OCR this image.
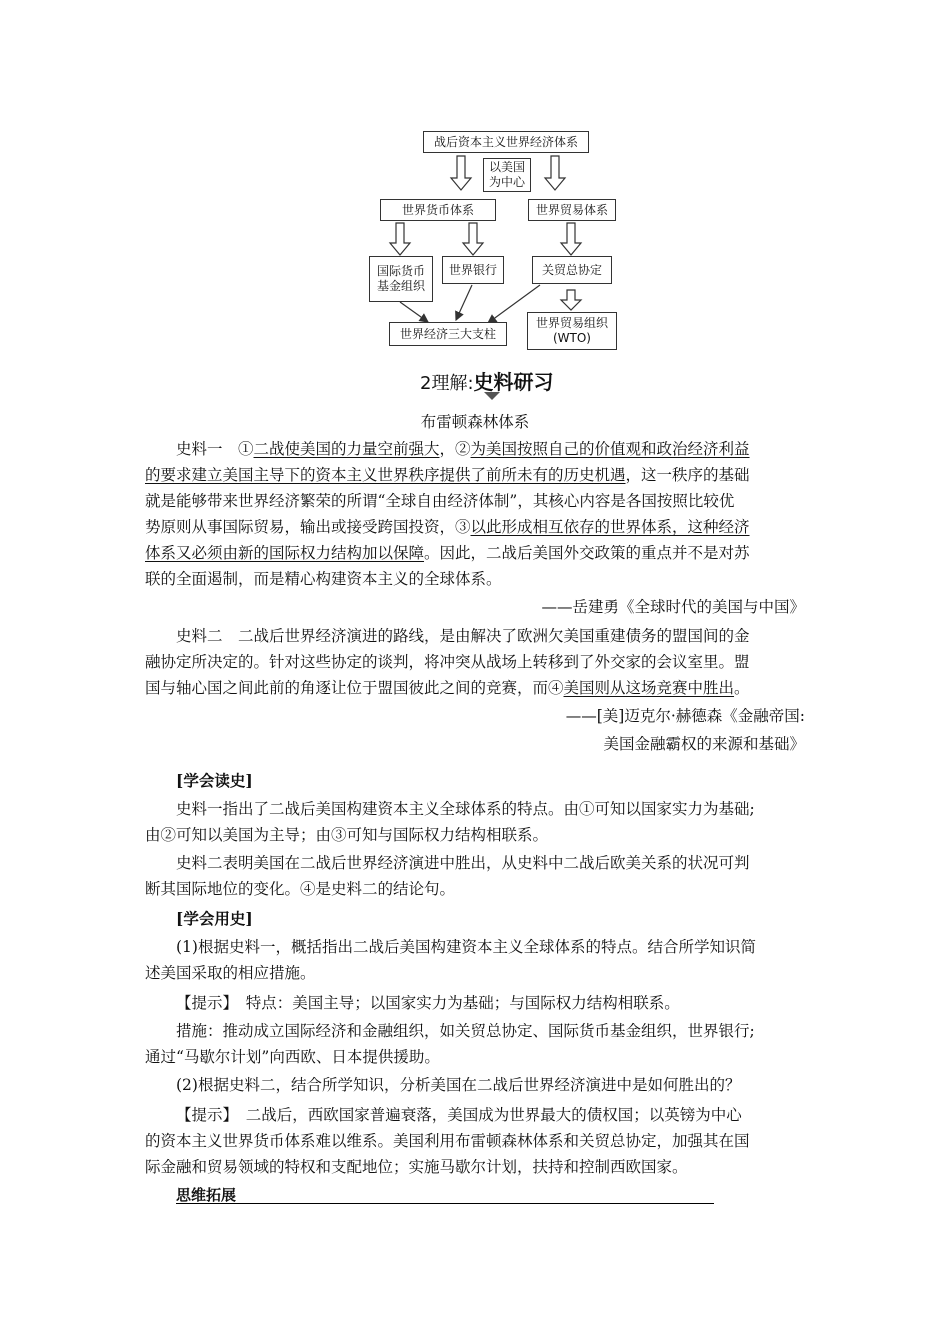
战后资本主义世界经济体系
以美国
为中心
世界货币体系	世界贸易体系
国际货币
基金组织
世界银行	关贸总协定
世界经济三大支柱
世界贸易组织
(WTO)
2理解:史料研习
布雷顿森林体系
史料一　①二战使美国的力量空前强大，②为美国按照自己的价值观和政治经济利益
的要求建立美国主导下的资本主义世界秩序提供了前所未有的历史机遇，这一秩序的基础
就是能够带来世界经济繁荣的所谓“全球自由经济体制”，其核心内容是各国按照比较优
势原则从事国际贸易，输出或接受跨国投资，③以此形成相互依存的世界体系，这种经济
体系又必须由新的国际权力结构加以保障。因此，二战后美国外交政策的重点并不是对苏
联的全面遏制，而是精心构建资本主义的全球体系。
——岳建勇《全球时代的美国与中国》
史料二　二战后世界经济演进的路线，是由解决了欧洲欠美国重建债务的盟国间的金
融协定所决定的。针对这些协定的谈判，将冲突从战场上转移到了外交家的会议室里。盟
国与轴心国之间此前的角逐让位于盟国彼此之间的竞赛，而④美国则从这场竞赛中胜出。
——[美]迈克尔·赫德森《金融帝国:
美国金融霸权的来源和基础》
[学会读史]
史料一指出了二战后美国构建资本主义全球体系的特点。由①可知以国家实力为基础;
由②可知以美国为主导；由③可知与国际权力结构相联系。
史料二表明美国在二战后世界经济演进中胜出，从史料中二战后欧美关系的状况可判
断其国际地位的变化。④是史料二的结论句。
[学会用史]
(1)根据史料一，概括指出二战后美国构建资本主义全球体系的特点。结合所学知识简
述美国采取的相应措施。
【提示】　特点：美国主导；以国家实力为基础；与国际权力结构相联系。
措施：推动成立国际经济和金融组织，如关贸总协定、国际货币基金组织，世界银行;
通过“马歇尔计划”向西欧、日本提供援助。
(2)根据史料二，结合所学知识，分析美国在二战后世界经济演进中是如何胜出的？
【提示】　二战后，西欧国家普遍衰落，美国成为世界最大的债权国；以英镑为中心
的资本主义世界货币体系难以维系。美国利用布雷顿森林体系和关贸总协定，加强其在国
际金融和贸易领域的特权和支配地位；实施马歇尔计划，扶持和控制西欧国家。
思维拓展
